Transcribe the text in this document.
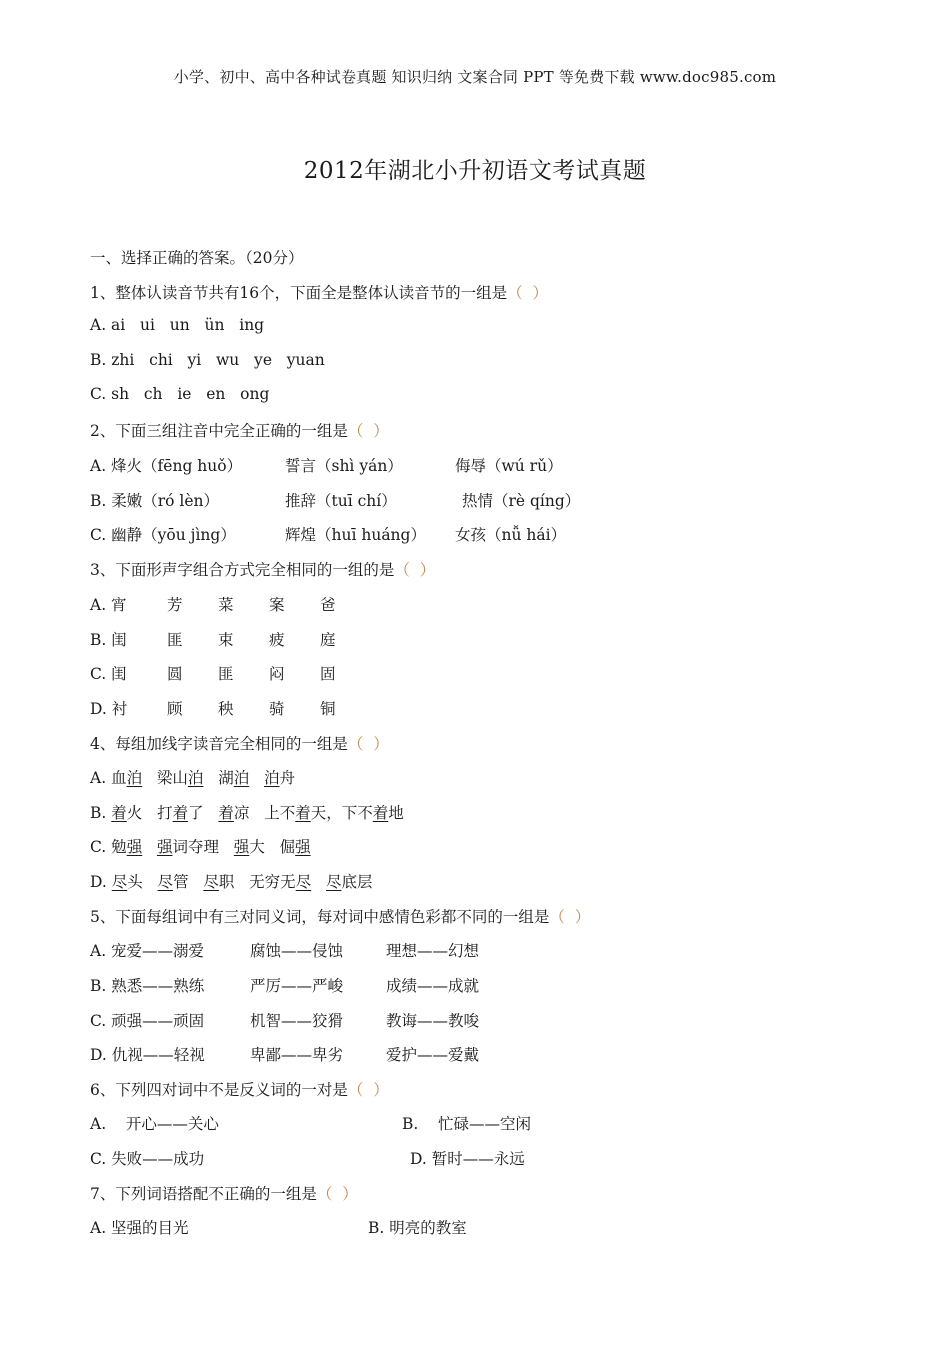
小学、初中、高中各种试卷真题 知识归纳 文案合同 PPT 等免费下载 www.doc985.com
2012年湖北小升初语文考试真题
一、选择正确的答案。（20分）
1、整体认读音节共有16个，下面全是整体认读音节的一组是（  ）
A. ai   ui   un   ün   ing
B. zhi   chi   yi   wu   ye   yuan
C. sh   ch   ie   en   ong
2、下面三组注音中完全正确的一组是（  ）
A. 烽火（fēng huǒ）	誓言（shì yán）	侮辱（wú rǔ）
B. 柔嫩（ró lèn）	推辞（tuī chí）	热情（rè qíng）
C. 幽静（yōu jìng）	辉煌（huī huáng） 女孩（nǚ hái）
3、下面形声字组合方式完全相同的一组的是（  ）
A. 宵	芳 菜 案 爸
B. 闺	匪 束 疲 庭
C. 闺	圆 匪 闷 固
D. 衬	顾 秧 骑 铜
4、每组加线字读音完全相同的一组是（  ）
A. 血泊 梁山泊 湖泊 泊舟
B. 着火 打着了 着凉 上不着天，下不着地
C. 勉强 强词夺理 强大 倔强
D. 尽头 尽管 尽职 无穷无尽 尽底层
5、下面每组词中有三对同义词，每对词中感情色彩都不同的一组是（  ）
A. 宠爱——溺爱	腐蚀——侵蚀	理想——幻想
B. 熟悉——熟练	严厉——严峻	成绩——成就
C. 顽强——顽固	机智——狡猾	教诲——教唆
D. 仇视——轻视	卑鄙——卑劣	爱护——爱戴
6、下列四对词中不是反义词的一对是（  ）
A.    开心——关心	B.    忙碌——空闲
C. 失败——成功	D. 暂时——永远
7、下列词语搭配不正确的一组是（  ）
A. 坚强的目光	B. 明亮的教室
